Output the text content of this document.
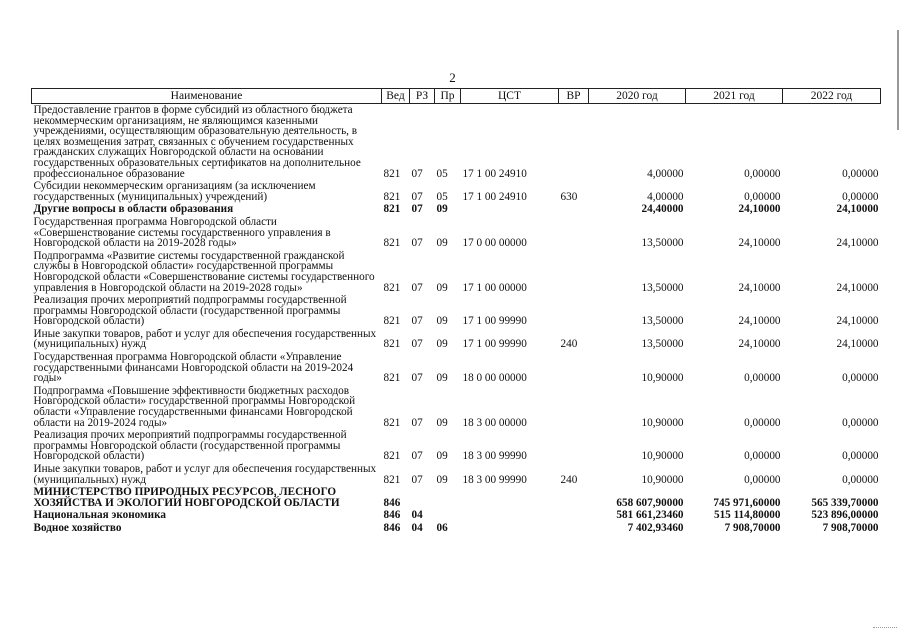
2
Наименование	Вед	РЗ	Пр	ЦСТ	ВР	2020 год	2021 год	2022 год
Предоставление грантов в форме субсидий из областного бюджета некоммерческим организациям, не являющимся казенными учреждениями, осуществляющим образовательную деятельность, в целях возмещения затрат, связанных с обучением государственных гражданских служащих Новгородской области на основании государственных образовательных сертификатов на дополнительное профессиональное образование	821	07	05	17 1 00 24910		4,00000	0,00000	0,00000
Субсидии некоммерческим организациям (за исключением государственных (муниципальных) учреждений)	821	07	05	17 1 00 24910	630	4,00000	0,00000	0,00000
Другие вопросы в области образования	821	07	09			24,40000	24,10000	24,10000
Государственная программа Новгородской области «Совершенствование системы государственного управления в Новгородской области на 2019-2028 годы»	821	07	09	17 0 00 00000		13,50000	24,10000	24,10000
Подпрограмма «Развитие системы государственной гражданской службы в Новгородской области» государственной программы Новгородской области «Совершенствование системы государственного управления в Новгородской области на 2019-2028 годы»	821	07	09	17 1 00 00000		13,50000	24,10000	24,10000
Реализация прочих мероприятий подпрограммы государственной программы Новгородской области (государственной программы Новгородской области)	821	07	09	17 1 00 99990		13,50000	24,10000	24,10000
Иные закупки товаров, работ и услуг для обеспечения государственных (муниципальных) нужд	821	07	09	17 1 00 99990	240	13,50000	24,10000	24,10000
Государственная программа Новгородской области «Управление государственными финансами Новгородской области на 2019-2024 годы»	821	07	09	18 0 00 00000		10,90000	0,00000	0,00000
Подпрограмма «Повышение эффективности бюджетных расходов Новгородской области» государственной программы Новгородской области «Управление государственными финансами Новгородской области на 2019-2024 годы»	821	07	09	18 3 00 00000		10,90000	0,00000	0,00000
Реализация прочих мероприятий подпрограммы государственной программы Новгородской области (государственной программы Новгородской области)	821	07	09	18 3 00 99990		10,90000	0,00000	0,00000
Иные закупки товаров, работ и услуг для обеспечения государственных (муниципальных) нужд	821	07	09	18 3 00 99990	240	10,90000	0,00000	0,00000
МИНИСТЕРСТВО ПРИРОДНЫХ РЕСУРСОВ, ЛЕСНОГО ХОЗЯЙСТВА И ЭКОЛОГИИ НОВГОРОДСКОЙ ОБЛАСТИ	846					658 607,90000	745 971,60000	565 339,70000
Национальная экономика	846	04				581 661,23460	515 114,80000	523 896,00000
Водное хозяйство	846	04	06			7 402,93460	7 908,70000	7 908,70000
